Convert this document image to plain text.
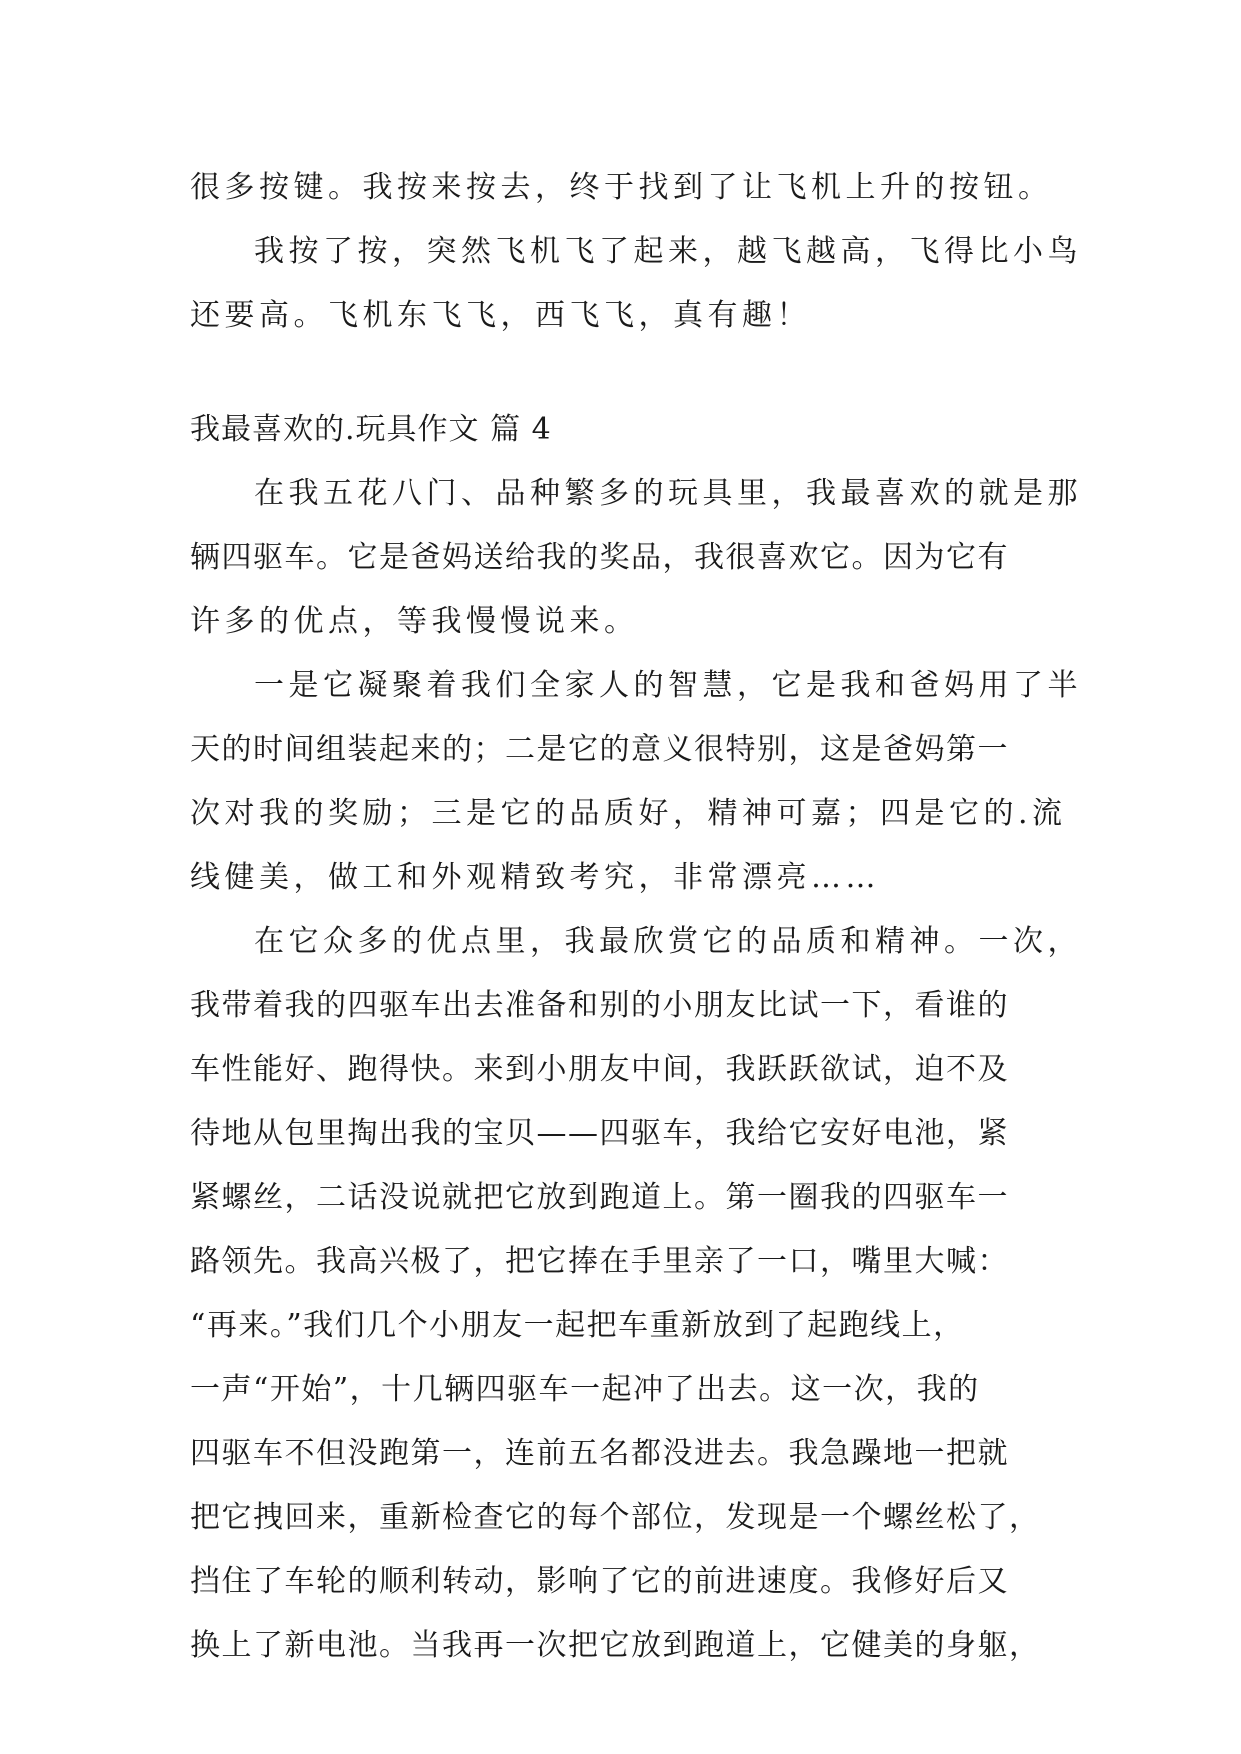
很多按键。我按来按去，终于找到了让飞机上升的按钮。
我按了按，突然飞机飞了起来，越飞越高，飞得比小鸟
还要高。飞机东飞飞，西飞飞，真有趣！
我最喜欢的.玩具作文 篇 4
在我五花八门、品种繁多的玩具里，我最喜欢的就是那
辆四驱车。它是爸妈送给我的奖品，我很喜欢它。因为它有
许多的优点，等我慢慢说来。
一是它凝聚着我们全家人的智慧，它是我和爸妈用了半
天的时间组装起来的；二是它的意义很特别，这是爸妈第一
次对我的奖励；三是它的品质好，精神可嘉；四是它的.流
线健美，做工和外观精致考究，非常漂亮……
在它众多的优点里，我最欣赏它的品质和精神。一次，
我带着我的四驱车出去准备和别的小朋友比试一下，看谁的
车性能好、跑得快。来到小朋友中间，我跃跃欲试，迫不及
待地从包里掏出我的宝贝——四驱车，我给它安好电池，紧
紧螺丝，二话没说就把它放到跑道上。第一圈我的四驱车一
路领先。我高兴极了，把它捧在手里亲了一口，嘴里大喊：
“再来。”我们几个小朋友一起把车重新放到了起跑线上，
一声“开始”，十几辆四驱车一起冲了出去。这一次，我的
四驱车不但没跑第一，连前五名都没进去。我急躁地一把就
把它拽回来，重新检查它的每个部位，发现是一个螺丝松了，
挡住了车轮的顺利转动，影响了它的前进速度。我修好后又
换上了新电池。当我再一次把它放到跑道上，它健美的身躯，
